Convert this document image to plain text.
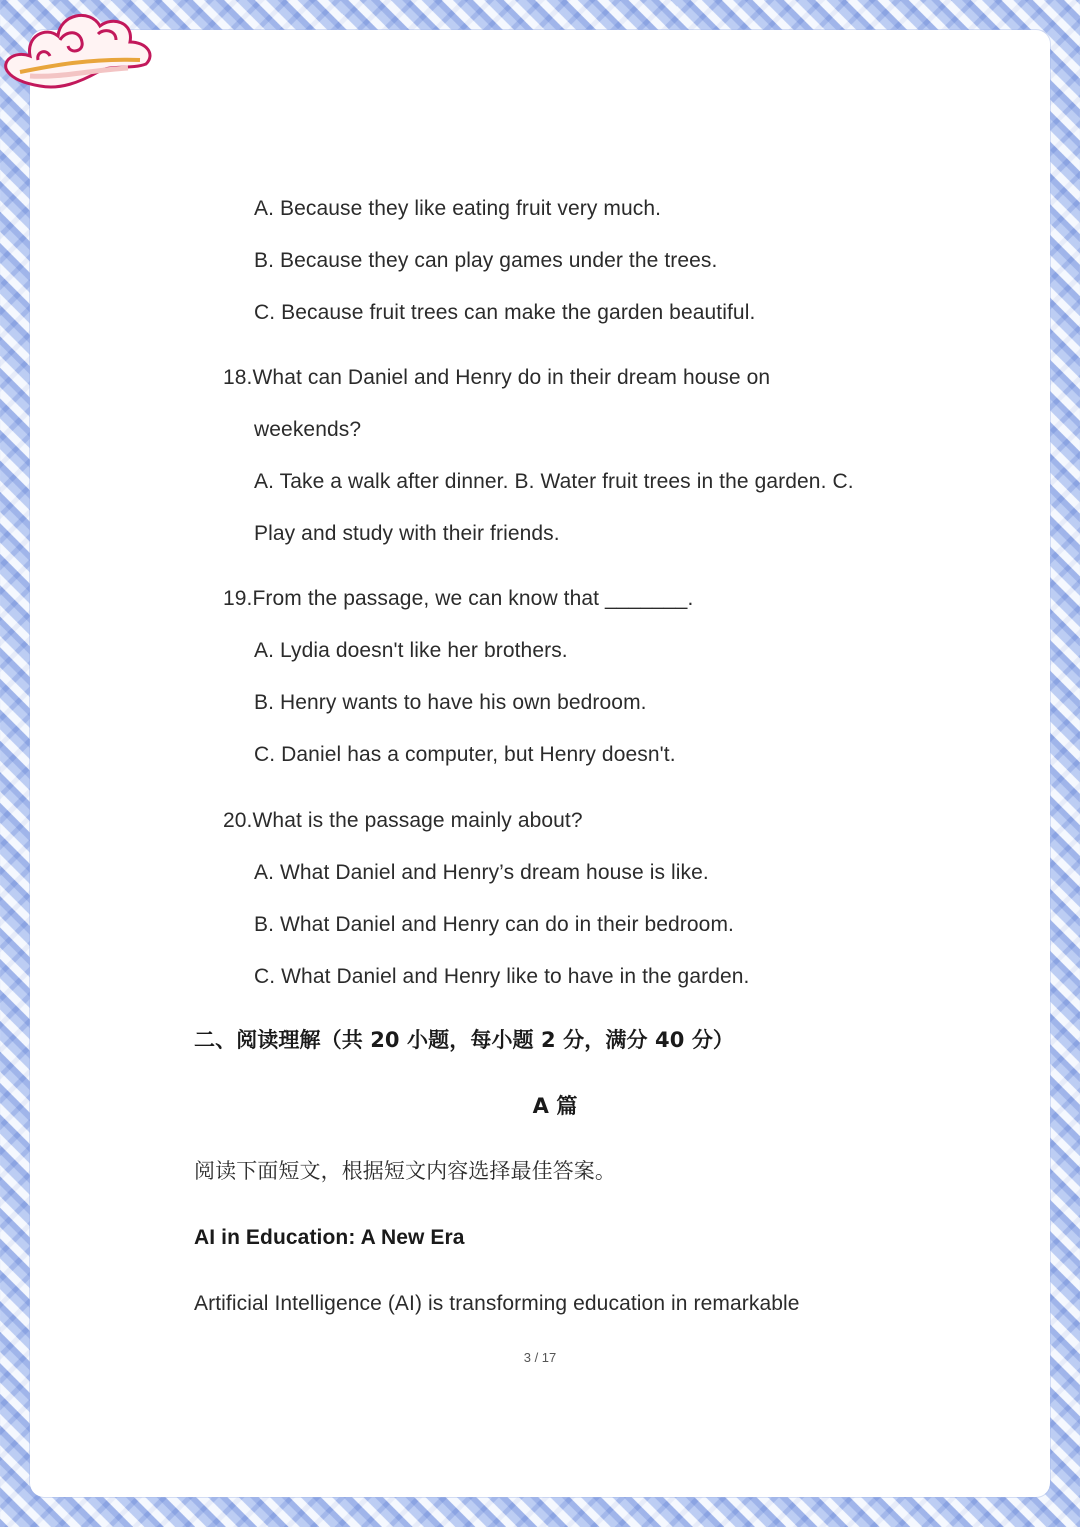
A. Because they like eating fruit very much.
B. Because they can play games under the trees.
C. Because fruit trees can make the garden beautiful.
18.What can Daniel and Henry do in their dream house on
weekends?
A. Take a walk after dinner. B. Water fruit trees in the garden. C.
Play and study with their friends.
19.From the passage, we can know that _______.
A. Lydia doesn't like her brothers.
B. Henry wants to have his own bedroom.
C. Daniel has a computer, but Henry doesn't.
20.What is the passage mainly about?
A. What Daniel and Henry’s dream house is like.
B. What Daniel and Henry can do in their bedroom.
C. What Daniel and Henry like to have in the garden.
二、阅读理解（共 20 小题，每小题 2 分，满分 40 分）
A 篇
阅读下面短文，根据短文内容选择最佳答案。
AI in Education: A New Era
Artificial Intelligence (AI) is transforming education in remarkable
3 / 17
